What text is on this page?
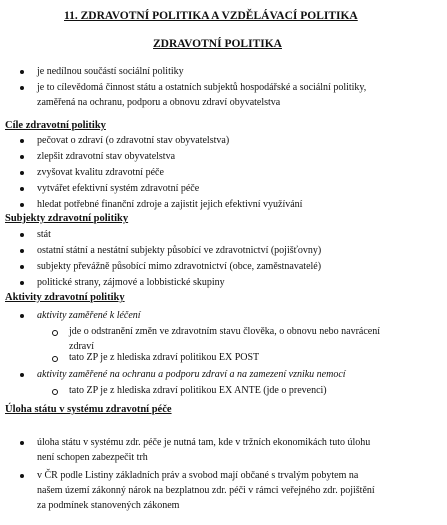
11. ZDRAVOTNÍ POLITIKA A VZDĚLÁVACÍ POLITIKA
ZDRAVOTNÍ POLITIKA
je nedílnou součástí sociální politiky
je to cílevědomá činnost státu a ostatních subjektů hospodářské a sociální politiky,
zaměřená na ochranu, podporu a obnovu zdraví obyvatelstva
Cíle zdravotní politiky
pečovat o zdraví (o zdravotní stav obyvatelstva)
zlepšit zdravotní stav obyvatelstva
zvyšovat kvalitu zdravotní péče
vytvářet efektivní systém zdravotní péče
hledat potřebné finanční zdroje a zajistit jejich efektivní využívání
Subjekty zdravotní politiky
stát
ostatní státní a nestátní subjekty působící ve zdravotnictví (pojišťovny)
subjekty převážně působící mimo zdravotnictví (obce, zaměstnavatelé)
politické strany, zájmové a lobbistické skupiny
Aktivity zdravotní politiky
aktivity zaměřené k léčení
jde o odstranění změn ve zdravotním stavu člověka, o obnovu nebo navrácení
zdraví
tato ZP je z hlediska zdraví politikou EX POST
aktivity zaměřené na ochranu a podporu zdraví a na zamezení vzniku nemocí
tato ZP je z hlediska zdraví politikou EX ANTE (jde o prevenci)
Úloha státu v systému zdravotní péče
úloha státu v systému zdr. péče je nutná tam, kde v tržních ekonomikách tuto úlohu
není schopen zabezpečit trh
v ČR podle Listiny základních práv a svobod mají občané s trvalým pobytem na
našem území zákonný nárok na bezplatnou zdr. péči v rámci veřejného zdr. pojištění
za podmínek stanovených zákonem
